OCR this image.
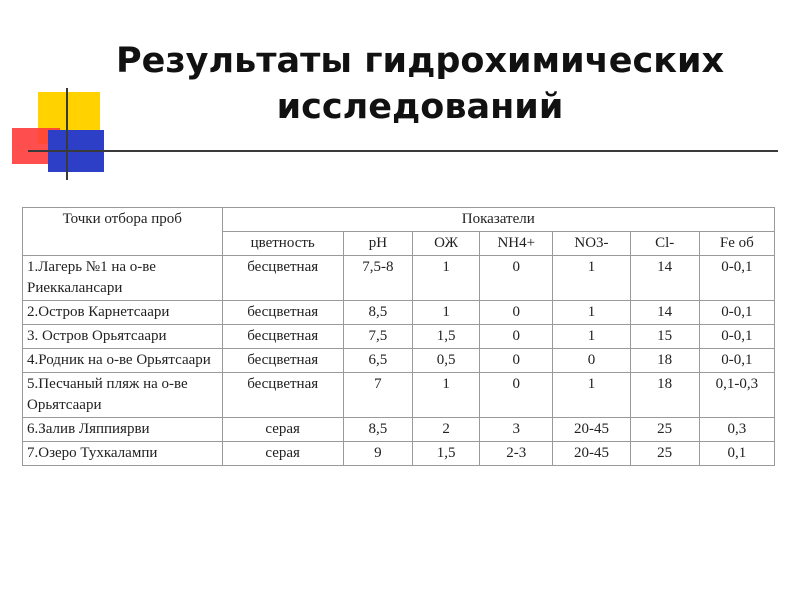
Результаты гидрохимических
исследований
Точки отбора проб	Показатели						
	цветность	pH	ОЖ	NH4+	NO3-	Cl-	Fe об
1.Лагерь №1 на о-ве Риеккалансари	бесцветная	7,5-8	1	0	1	14	0-0,1
2.Остров Карнетсаари	бесцветная	8,5	1	0	1	14	0-0,1
3. Остров Орьятсаари	бесцветная	7,5	1,5	0	1	15	0-0,1
4.Родник на о-ве Орьятсаари	бесцветная	6,5	0,5	0	0	18	0-0,1
5.Песчаный пляж на о-ве Орьятсаари	бесцветная	7	1	0	1	18	0,1-0,3
6.Залив Ляппиярви	серая	8,5	2	3	20-45	25	0,3
7.Озеро Тухкалампи	серая	9	1,5	2-3	20-45	25	0,1
